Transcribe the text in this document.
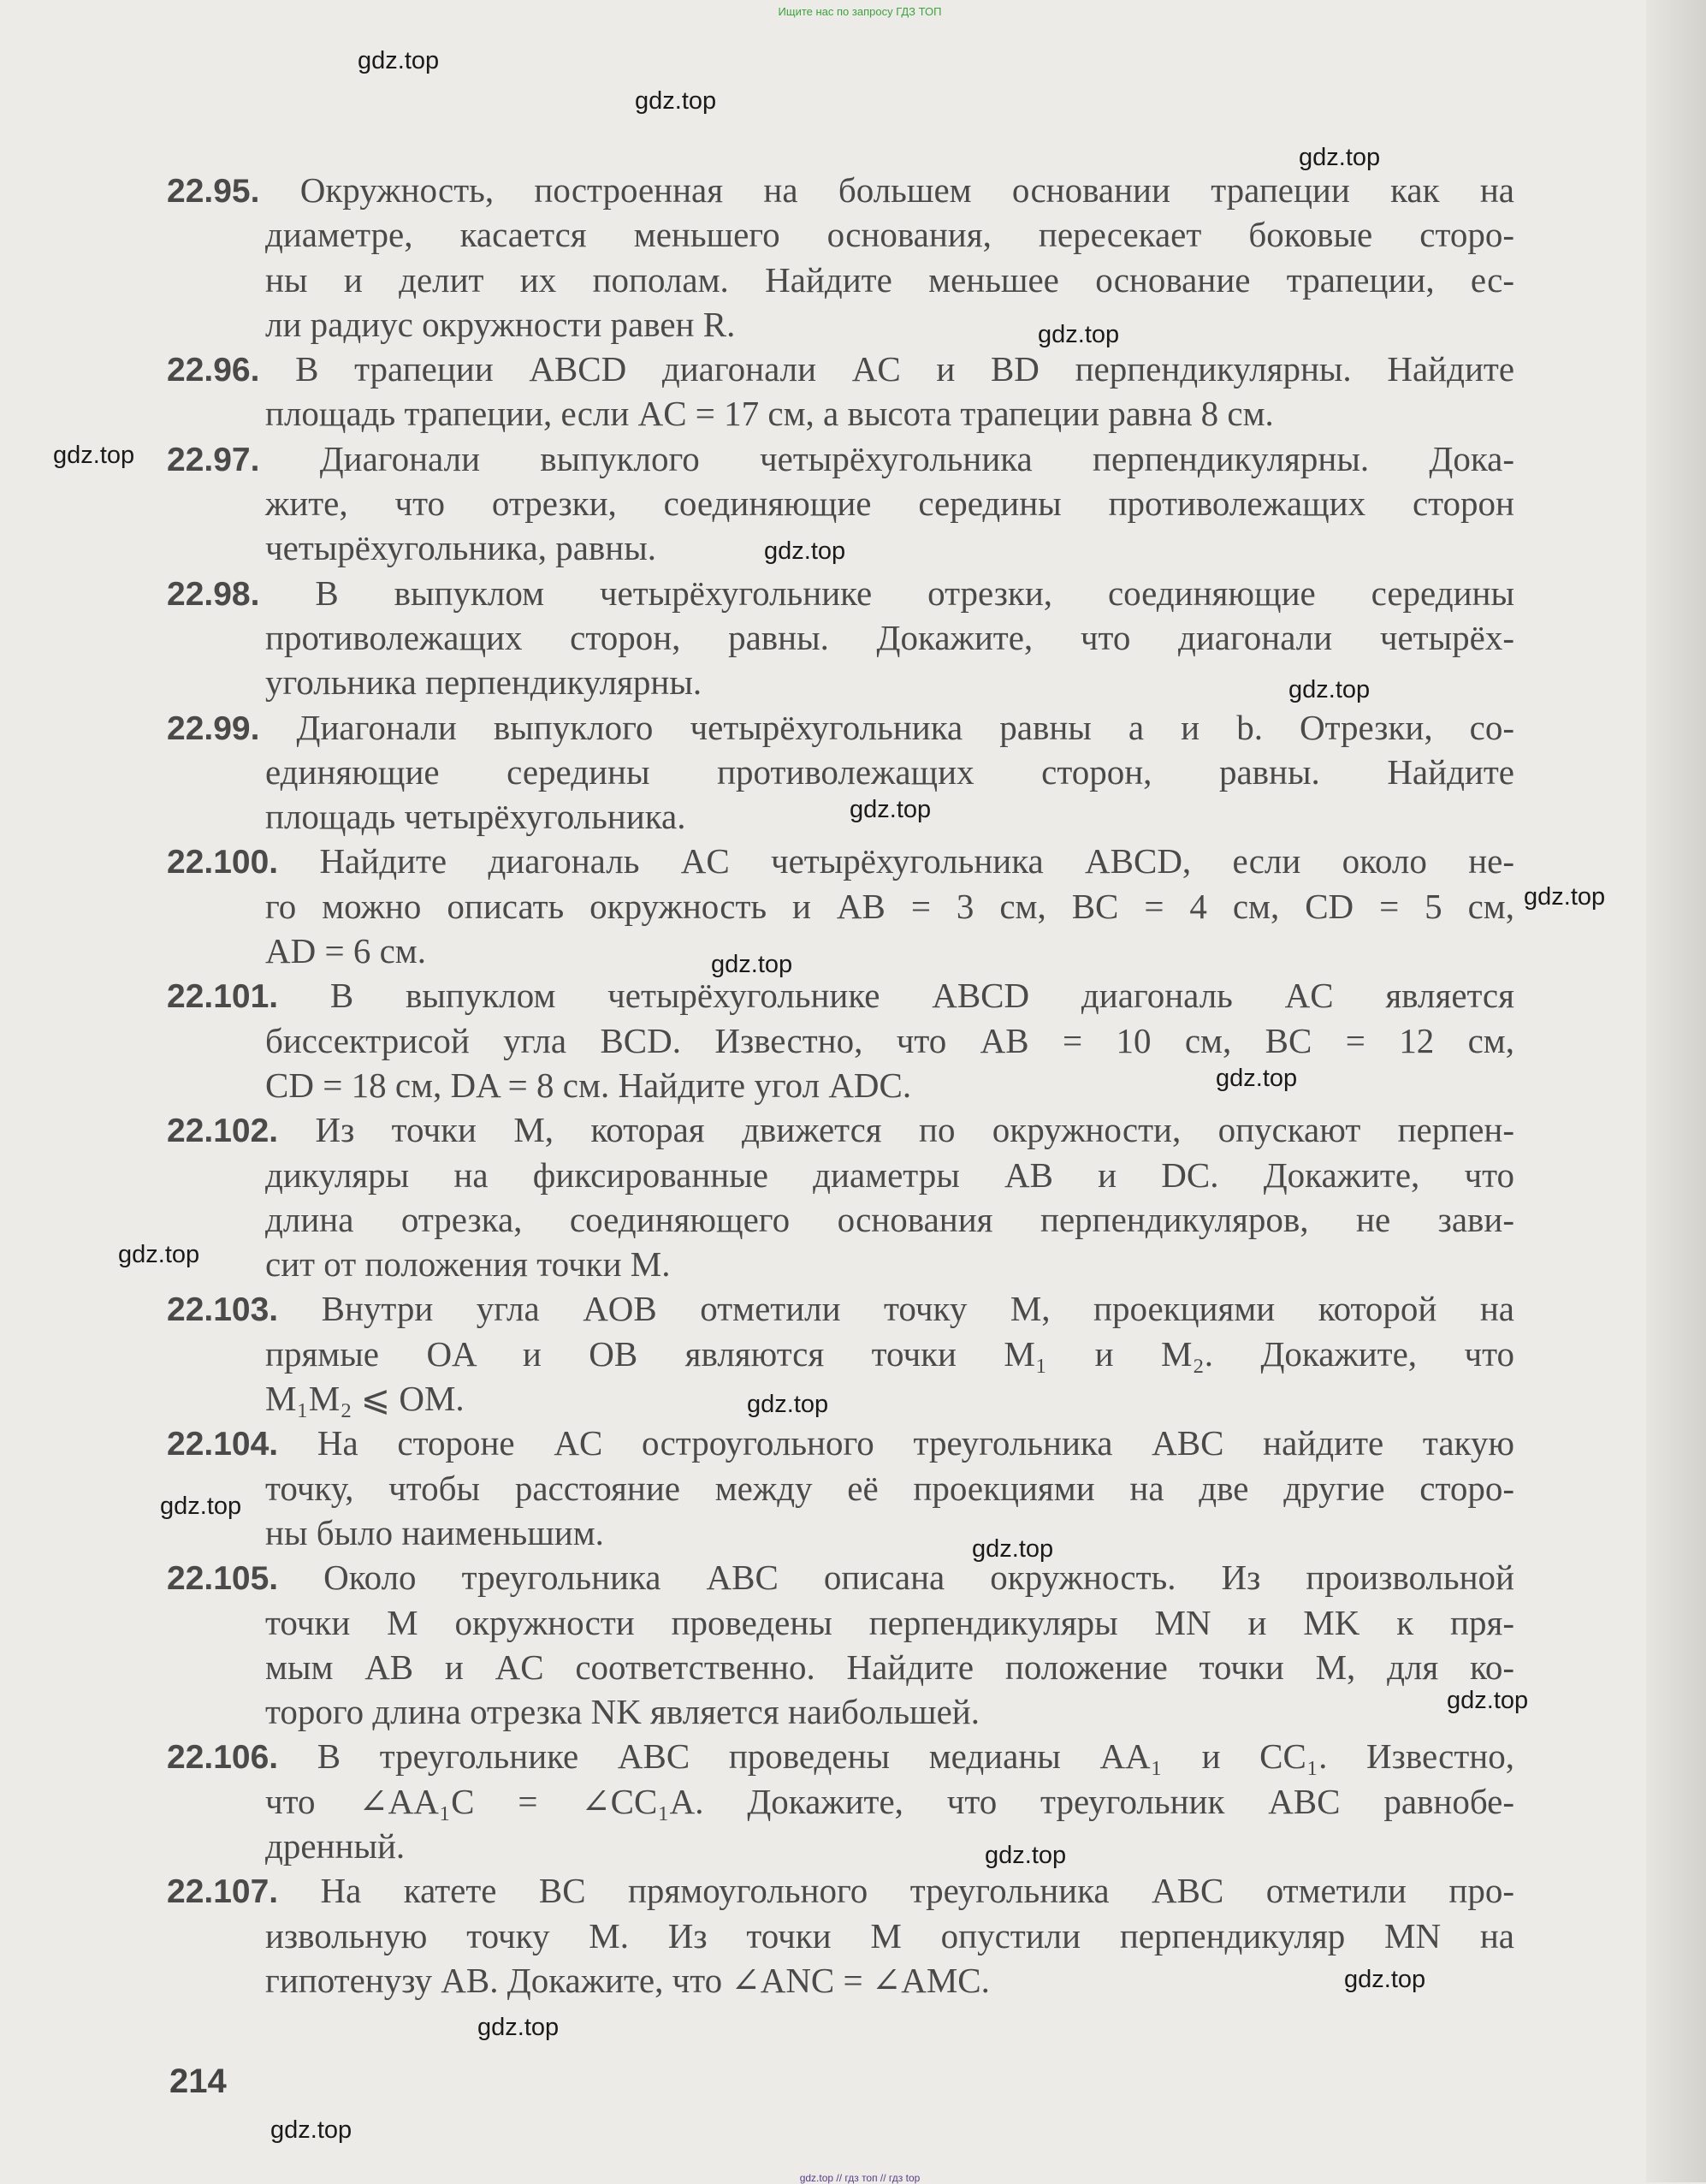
Ищите нас по запросу ГДЗ ТОП
22.95. Окружность, построенная на большем основании трапеции как на
диаметре, касается меньшего основания, пересекает боковые сторо-
ны и делит их пополам. Найдите меньшее основание трапеции, ес-
ли радиус окружности равен R.
22.96. В трапеции ABCD диагонали AC и BD перпендикулярны. Найдите
площадь трапеции, если AC = 17 см, а высота трапеции равна 8 см.
22.97. Диагонали выпуклого четырёхугольника перпендикулярны. Дока-
жите, что отрезки, соединяющие середины противолежащих сторон
четырёхугольника, равны.
22.98. В выпуклом четырёхугольнике отрезки, соединяющие середины
противолежащих сторон, равны. Докажите, что диагонали четырёх-
угольника перпендикулярны.
22.99. Диагонали выпуклого четырёхугольника равны a и b. Отрезки, со-
единяющие середины противолежащих сторон, равны. Найдите
площадь четырёхугольника.
22.100. Найдите диагональ AC четырёхугольника ABCD, если около не-
го можно описать окружность и AB = 3 см, BC = 4 см, CD = 5 см,
AD = 6 см.
22.101. В выпуклом четырёхугольнике ABCD диагональ AC является
биссектрисой угла BCD. Известно, что AB = 10 см, BC = 12 см,
CD = 18 см, DA = 8 см. Найдите угол ADC.
22.102. Из точки M, которая движется по окружности, опускают перпен-
дикуляры на фиксированные диаметры AB и DC. Докажите, что
длина отрезка, соединяющего основания перпендикуляров, не зави-
сит от положения точки M.
22.103. Внутри угла AOB отметили точку M, проекциями которой на
прямые OA и OB являются точки M₁ и M₂. Докажите, что
M₁M₂ ⩽ OM.
22.104. На стороне AC остроугольного треугольника ABC найдите такую
точку, чтобы расстояние между её проекциями на две другие сторо-
ны было наименьшим.
22.105. Около треугольника ABC описана окружность. Из произвольной
точки M окружности проведены перпендикуляры MN и MK к пря-
мым AB и AC соответственно. Найдите положение точки M, для ко-
торого длина отрезка NK является наибольшей.
22.106. В треугольнике ABC проведены медианы AA₁ и CC₁. Известно,
что ∠AA₁C = ∠CC₁A. Докажите, что треугольник ABC равнобе-
дренный.
22.107. На катете BC прямоугольного треугольника ABC отметили про-
извольную точку M. Из точки M опустили перпендикуляр MN на
гипотенузу AB. Докажите, что ∠ANC = ∠AMC.
214
gdz.top
gdz.top
gdz.top
gdz.top
gdz.top
gdz.top
gdz.top
gdz.top
gdz.top
gdz.top
gdz.top
gdz.top
gdz.top
gdz.top
gdz.top
gdz.top
gdz.top
gdz.top
gdz.top
gdz.top
gdz.top // гдз топ // гдз top
